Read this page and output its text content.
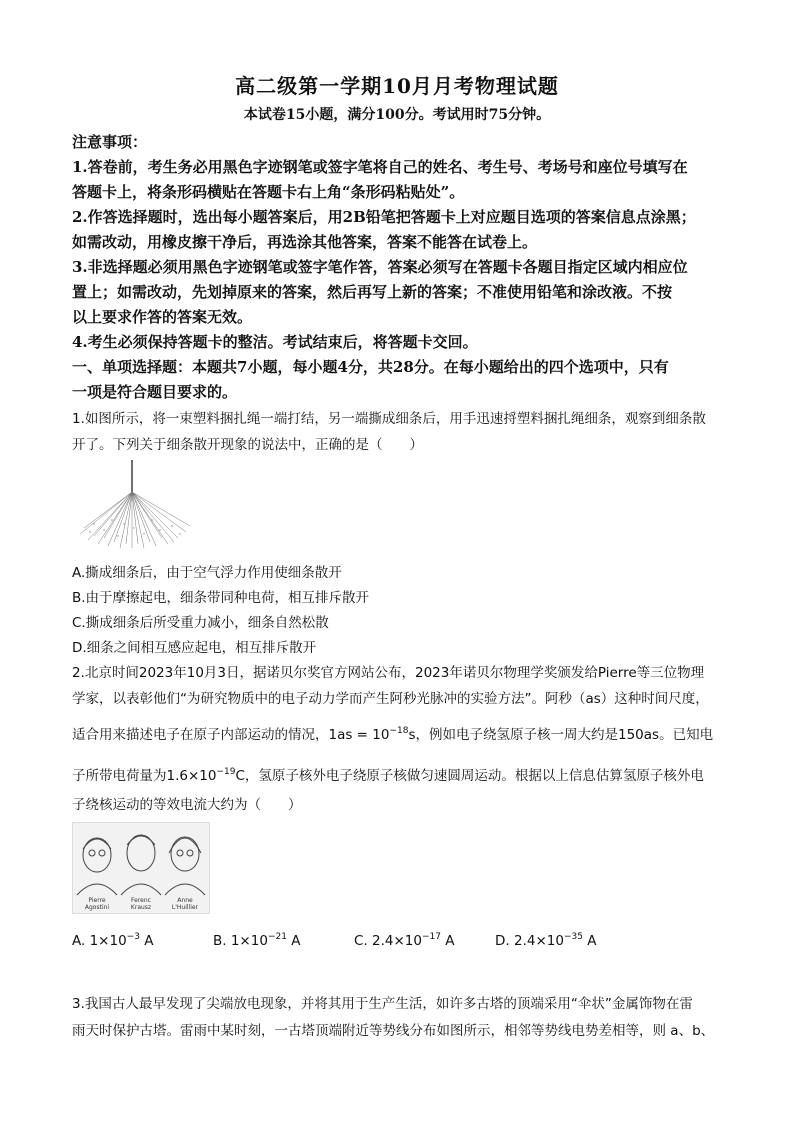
高二级第一学期10月月考物理试题
本试卷15小题，满分100分。考试用时75分钟。
注意事项：
1.答卷前，考生务必用黑色字迹钢笔或签字笔将自己的姓名、考生号、考场号和座位号填写在
答题卡上，将条形码横贴在答题卡右上角“条形码粘贴处”。
2.作答选择题时，选出每小题答案后，用2B铅笔把答题卡上对应题目选项的答案信息点涂黑；
如需改动，用橡皮擦干净后，再选涂其他答案，答案不能答在试卷上。
3.非选择题必须用黑色字迹钢笔或签字笔作答，答案必须写在答题卡各题目指定区域内相应位
置上；如需改动，先划掉原来的答案，然后再写上新的答案；不准使用铅笔和涂改液。不按
以上要求作答的答案无效。
4.考生必须保持答题卡的整洁。考试结束后，将答题卡交回。
一、单项选择题：本题共7小题，每小题4分，共28分。在每小题给出的四个选项中，只有
一项是符合题目要求的。
1.如图所示，将一束塑料捆扎绳一端打结，另一端撕成细条后，用手迅速捋塑料捆扎绳细条，观察到细条散
开了。下列关于细条散开现象的说法中，正确的是（　　）
A.撕成细条后，由于空气浮力作用使细条散开
B.由于摩擦起电，细条带同种电荷，相互排斥散开
C.撕成细条后所受重力减小，细条自然松散
D.细条之间相互感应起电，相互排斥散开
2.北京时间2023年10月3日，据诺贝尔奖官方网站公布，2023年诺贝尔物理学奖颁发给Pierre等三位物理
学家，以表彰他们“为研究物质中的电子动力学而产生阿秒光脉冲的实验方法”。阿秒（as）这种时间尺度，
适合用来描述电子在原子内部运动的情况，$1as = 10^{-18}s$，例如电子绕氢原子核一周大约是150as。已知电
子所带电荷量为$1.6\times 10^{-19}C$，氢原子核外电子绕原子核做匀速圆周运动。根据以上信息估算氢原子核外电
子绕核运动的等效电流大约为（　　）
Pierre
Agostini
Ferenc
Krausz
Anne
L'Huillier
A. $1\times 10^{-3}$ A	B. $1\times 10^{-21}$ A	C. $2.4\times 10^{-17}$ A	D. $2.4\times 10^{-35}$ A
3.我国古人最早发现了尖端放电现象，并将其用于生产生活，如许多古塔的顶端采用“伞状”金属饰物在雷
雨天时保护古塔。雷雨中某时刻，一古塔顶端附近等势线分布如图所示，相邻等势线电势差相等，则 a、b、
